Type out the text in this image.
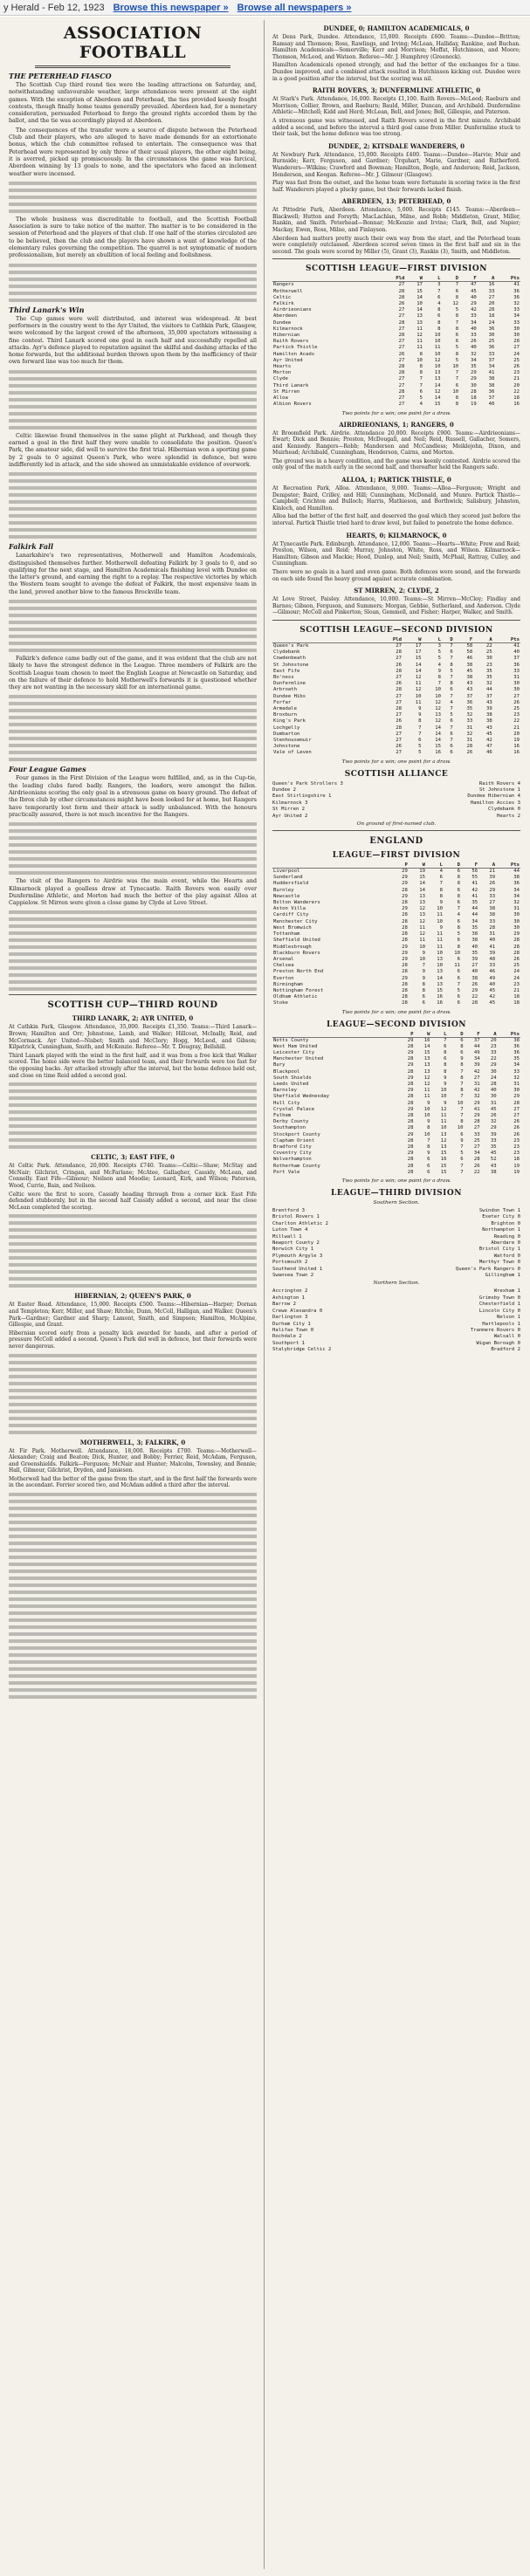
y Herald - Feb 12, 1923 Browse this newspaper » Browse all newspapers »
ASSOCIATION FOOTBALL
THE PETERHEAD FIASCO

The Scottish Cup third round ties were the leading attractions on Saturday, and, notwithstanding unfavourable weather, large attendances were present at the eight games. With the exception of Aberdeen and Peterhead, the ties provided keenly fought contests, though finally home teams generally prevailed. Aberdeen had, for a monetary consideration, persuaded Peterhead to forgo the ground rights accorded them by the ballot, and the tie was accordingly played at Aberdeen.

The consequences of the transfer were a source of dispute between the Peterhead Club and their players, who are alleged to have made demands for an extortionate bonus, which the club committee refused to entertain. The consequence was that Peterhead were represented by only three of their usual players, the other eight being, it is averred, picked up promiscuously. In the circumstances the game was farcical, Aberdeen winning by 13 goals to none, and the spectators who faced an inclement weather were incensed.

The whole business was discreditable to football, and the Scottish Football Association is sure to take notice of the matter. The matter is to be considered in the session of Peterhead and the players of that club. If one half of the stories circulated are to be believed, then the club and the players have shown a want of knowledge of the elementary rules governing the competition. The quarrel is not symptomatic of modern professionalism, but merely an ebullition of local feeling and foolishness.

Third Lanark's Win

The Cup games were well distributed, and interest was widespread. At best performers in the country went to the Ayr United, the visitors to Cathkin Park, Glasgow, were welcomed by the largest crowd of the afternoon, 35,000 spectators witnessing a fine contest. Third Lanark scored one goal in each half and successfully repelled all attacks. Ayr's defence played to reputation against the skilful and dashing attacks of the home forwards, but the additional burden thrown upon them by the inefficiency of their own forward line was too much for them.

Celtic likewise found themselves in the same plight at Parkhead, and though they earned a goal in the first half they were unable to consolidate the position. Queen's Park, the amateur side, did well to survive the first trial. Hibernian won a sporting game by 2 goals to 0 against Queen's Park, who were splendid in defence, but were indifferently led in attack, and the side showed an unmistakable evidence of overwork.

Falkirk Fall

Lanarkshire's two representatives, Motherwell and Hamilton Academicals, distinguished themselves further. Motherwell defeating Falkirk by 3 goals to 0, and so qualifying for the next stage, and Hamilton Academicals finishing level with Dundee on the latter's ground, and earning the right to a replay. The respective victories by which the Western team sought to avenge the defeat of Falkirk, the most expensive team in the land, proved another blow to the famous Brockville team.

Falkirk's defence came badly out of the game, and it was evident that the club are not likely to have the strongest defence in the League. Three members of Falkirk are the Scottish League team chosen to meet the English League at Newcastle on Saturday, and on the failure of their defence to hold Motherwell's forwards it is questioned whether they are not wanting in the necessary skill for an international game.

Four League Games

Four games in the First Division of the League were fulfilled, and, as in the Cup-tie, the leading clubs fared badly. Rangers, the leaders, were amongst the fallen. Airdrieonians scoring the only goal in a strenuous game on heavy ground. The defeat of the Ibrox club by other circumstances might have been looked for at home, but Rangers have temporarily lost form and their attack is sadly unbalanced. With the honours practically assured, there is not much incentive for the Rangers.

The visit of the Rangers to Airdrie was the main event, while the Hearts and Kilmarnock played a goalless draw at Tynecastle. Raith Rovers won easily over Dunfermline Athletic, and Morton had much the better of the play against Alloa at Cappielow. St Mirren were given a close game by Clyde at Love Street.

SCOTTISH CUP—THIRD ROUND
THIRD LANARK, 2; AYR UNITED, 0

At Cathkin Park, Glasgow. Attendance, 35,000. Receipts £1,350. Teams:—Third Lanark—Brown; Hamilton and Orr; Johnstone, Lamb, and Walker; Hillcoat, McInally, Reid, and McCormack. Ayr United—Nisbet; Smith and McClory; Hogg, McLeod, and Gibson; Kilpatrick, Cunningham, Smith, and McKenzie. Referee—Mr. T. Dougray, Bellshill.

Third Lanark played with the wind in the first half, and it was from a free kick that Walker scored. The home side were the better balanced team, and their forwards were too fast for the opposing backs. Ayr attacked strongly after the interval, but the home defence held out, and close on time Reid added a second goal.

CELTIC, 3; EAST FIFE, 0

At Celtic Park. Attendance, 20,000. Receipts £740. Teams:—Celtic—Shaw; McStay and McNair; Gilchrist, Cringan, and McFarlane; McAtee, Gallagher, Cassidy, McLean, and Connolly. East Fife—Gilmour; Neilson and Moodie; Leonard, Kirk, and Wilson; Paterson, Wood, Currie, Bain, and Neilson.

Celtic were the first to score, Cassidy heading through from a corner kick. East Fife defended stubbornly, but in the second half Cassidy added a second, and near the close McLean completed the scoring.

HIBERNIAN, 2; QUEEN'S PARK, 0

At Easter Road. Attendance, 15,000. Receipts £500. Teams:—Hibernian—Harper; Dornan and Templeton; Kerr, Miller, and Shaw; Ritchie, Dunn, McColl, Halligan, and Walker. Queen's Park—Gardner; Gardner and Sharp; Lamont, Smith, and Simpson; Hamilton, McAlpine, Gillespie, and Grant.

Hibernian scored early from a penalty kick awarded for hands, and after a period of pressure McColl added a second. Queen's Park did well in defence, but their forwards were never dangerous.

MOTHERWELL, 3; FALKIRK, 0

At Fir Park. Motherwell. Attendance, 18,000. Receipts £700. Teams:—Motherwell—Alexander; Craig and Beaton; Dick, Hunter, and Bobby; Ferrier, Reid, McAdam, Ferguson, and Greenshields. Falkirk—Ferguson; McNair and Hunter; Malcolm, Townsley, and Bennie; Hall, Gilmour, Gilchrist, Dryden, and Jamieson.

Motherwell had the better of the game from the start, and in the first half the forwards were in the ascendant. Ferrier scored two, and McAdam added a third after the interval.

DUNDEE, 0; HAMILTON ACADEMICALS, 0

At Dens Park, Dundee. Attendance, 15,000. Receipts £600. Teams:—Dundee—Britton; Ramsay and Thomson; Ross, Rawlings, and Irving; McLean, Halliday, Rankine, and Buchan. Hamilton Academicals—Somerville; Kerr and Morrison; Moffat, Hutchinson, and Moore; Thomson, McLeod, and Watson. Referee—Mr. J. Humphrey (Greenock).

Hamilton Academicals opened strongly, and had the better of the exchanges for a time. Dundee improved, and a combined attack resulted in Hutchinson kicking out. Dundee were in a good position after the interval, but the scoring was nil.

RAITH ROVERS, 3; DUNFERMLINE ATHLETIC, 0

At Stark's Park. Attendance, 16,000. Receipts £1,100. Raith Rovers—McLeod; Raeburn and Morrison; Collier, Brown, and Raeburn; Bauld, Miller, Duncan, and Archibald. Dunfermline Athletic—Mitchell; Kidd and Herd; McLean, Bell, and Jones; Bell, Gillespie, and Paterson.

A strenuous game was witnessed, and Raith Rovers scored in the first minute. Archibald added a second, and before the interval a third goal came from Miller. Dunfermline stuck to their task, but the home defence was too strong.

DUNDEE, 2; KITSDALE WANDERERS, 0

At Newbury Park. Attendance, 15,000. Receipts £400. Teams:—Dundee—Harvie; Muir and Burnside; Kerr, Ferguson, and Gardner; Urquhart, Marie, Gardner, and Rutherford. Wanderers—Wilkins; Crawford and Bowman; Hamilton, Bogle, and Anderson; Reid, Jackson, Henderson, and Keegan. Referee—Mr. J. Gilmour (Glasgow).

Play was fast from the outset, and the home team were fortunate in scoring twice in the first half. Wanderers played a plucky game, but their forwards lacked finish.

ABERDEEN, 13; PETERHEAD, 0

At Pittodrie Park, Aberdeen. Attendance, 5,000. Receipts £145. Teams:—Aberdeen—Blackwell; Hutton and Forsyth; MacLachlan, Milne, and Robb; Middleton, Grant, Miller, Rankin, and Smith. Peterhead—Bonnar; McKenzie and Irvine; Clark, Bell, and Napier; Mackay, Ewen, Ross, Milne, and Finlayson.

Aberdeen had matters pretty much their own way from the start, and the Peterhead team were completely outclassed. Aberdeen scored seven times in the first half and six in the second. The goals were scored by Miller (5), Grant (3), Rankin (3), Smith, and Middleton.

SCOTTISH LEAGUE—FIRST DIVISION
	Pld	W	L	D	F	A	Pts
Rangers	27	17	3	7	47	16	41
Motherwell	28	15	7	6	45	33	36
Celtic	28	14	6	8	40	27	36
Falkirk	26	10	4	12	29	20	32
Airdrieonians	27	14	8	5	42	28	33
Aberdeen	27	13	6	8	33	18	34
Dundee	28	13	8	7	34	24	33
Kilmarnock	27	11	8	8	40	36	30
Hibernian	28	12	10	6	33	30	30
Raith Rovers	27	11	10	6	26	25	28
Partick Thistle	27	11	11	5	40	36	27
Hamilton Acads	26	8	10	8	32	33	24
Ayr United	27	10	12	5	34	37	25
Hearts	28	8	10	10	35	34	26
Morton	28	8	13	7	29	41	23
Clyde	27	7	13	7	29	38	21
Third Lanark	27	7	14	6	30	38	20
St Mirren	28	6	12	10	28	36	22
Alloa	27	5	14	8	18	37	18
Albion Rovers	27	4	15	8	19	40	16
Two points for a win; one point for a draw.
AIRDRIEONIANS, 1; RANGERS, 0

At Broomfield Park. Airdrie. Attendance 20,000. Receipts £900. Teams:—Airdrieonians—Ewart; Dick and Bennie; Preston, McDougall, and Neil; Reid, Russell, Gallacher, Somers, and Kennedy. Rangers—Robb; Manderson and McCandless; Meiklejohn, Dixon, and Muirhead; Archibald, Cunningham, Henderson, Cairns, and Morton.

The ground was in a heavy condition, and the game was keenly contested. Airdrie scored the only goal of the match early in the second half, and thereafter held the Rangers safe.

ALLOA, 1; PARTICK THISTLE, 0

At Recreation Park, Alloa. Attendance, 9,000. Teams:—Alloa—Ferguson; Wright and Dempster; Baird, Crilley, and Hill; Cunningham, McDonald, and Munro. Partick Thistle—Campbell; Crichton and Bulloch; Harris, Mathieson, and Borthwick; Salisbury, Johnston, Kinloch, and Hamilton.

Alloa had the better of the first half, and deserved the goal which they scored just before the interval. Partick Thistle tried hard to draw level, but failed to penetrate the home defence.

HEARTS, 0; KILMARNOCK, 0

At Tynecastle Park. Edinburgh. Attendance, 12,000. Teams:—Hearts—White; Frew and Reid; Preston, Wilson, and Reid; Murray, Johnston, White, Ross, and Wilson. Kilmarnock—Hamilton; Gibson and Mackie; Hood, Dunlop, and Neil; Smith, McPhail, Rattray, Culley, and Cunningham.

There were no goals in a hard and even game. Both defences were sound, and the forwards on each side found the heavy ground against accurate combination.

ST MIRREN, 2; CLYDE, 2

At Love Street, Paisley. Attendance, 10,000. Teams:—St Mirren—McCloy; Findlay and Barnes; Gibson, Ferguson, and Summers; Morgan, Gebbie, Sutherland, and Anderson. Clyde—Gilmour; McColl and Pinkerton; Sloan, Gemmell, and Fisher; Harper, Walker, and Smith.

SCOTTISH LEAGUE—SECOND DIVISION
	Pld	W	L	D	F	A	Pts
Queen's Park	27	17	3	7	58	22	41
Clydebank	28	17	5	6	58	25	40
Cowdenbeath	27	15	5	7	46	30	37
St Johnstone	26	14	4	8	38	23	36
East Fife	28	14	9	5	45	35	33
Bo'ness	27	12	8	7	38	35	31
Dunfermline	26	11	7	8	43	32	30
Arbroath	28	12	10	6	43	44	30
Dundee Hibs	27	10	10	7	37	37	27
Forfar	27	11	12	4	36	43	26
Armadale	28	9	12	7	35	39	25
Broxburn	27	9	13	5	32	38	23
King's Park	26	8	12	6	33	38	22
Lochgelly	28	7	14	7	31	43	21
Dumbarton	27	7	14	6	32	45	20
Stenhousemuir	27	6	14	7	31	42	19
Johnstone	26	5	15	6	28	47	16
Vale of Leven	27	5	16	6	26	46	16
Two points for a win; one point for a draw.
SCOTTISH ALLIANCE
Queen's Park Strollers 3	Raith Rovers 4
Dundee 2	St Johnstone 1
East Stirlingshire 1	Dundee Hibernian 4
Kilmarnock 3	Hamilton Accies 3
St Mirren 2	Clydebank 0
Ayr United 2	Hearts 2
On ground of first-named club.
ENGLAND
LEAGUE—FIRST DIVISION
	P	W	L	D	F	A	Pts
Liverpool	29	19	4	6	56	21	44
Sunderland	29	15	6	8	55	39	38
Huddersfield	29	14	7	8	41	26	36
Burnley	28	14	8	6	42	29	34
Newcastle	29	13	8	8	41	33	34
Bolton Wanderers	28	13	9	6	35	27	32
Aston Villa	29	12	10	7	44	38	31
Cardiff City	28	13	11	4	44	38	30
Manchester City	28	12	10	6	34	33	30
West Bromwich	28	11	9	8	35	28	30
Tottenham	28	12	11	5	38	31	29
Sheffield United	28	11	11	6	38	40	28
Middlesbrough	29	10	11	8	40	41	28
Blackburn Rovers	29	9	10	10	35	39	28
Arsenal	29	10	13	6	39	48	26
Chelsea	28	7	10	11	27	33	25
Preston North End	28	9	13	6	40	46	24
Everton	29	9	14	6	38	49	24
Birmingham	28	8	13	7	26	40	23
Nottingham Forest	28	8	15	5	29	45	21
Oldham Athletic	28	6	16	6	22	42	18
Stoke	28	6	16	6	28	45	18
Two points for a win; one point for a draw.
LEAGUE—SECOND DIVISION
	P	W	L	D	F	A	Pts
Notts County	29	16	7	6	37	20	38
West Ham United	28	14	6	8	44	23	36
Leicester City	29	15	8	6	49	33	36
Manchester United	28	13	6	9	34	22	35
Bury	29	13	8	8	39	29	34
Blackpool	28	13	8	7	42	30	33
South Shields	29	12	9	8	27	24	32
Leeds United	28	12	9	7	31	28	31
Barnsley	29	11	10	8	42	40	30
Sheffield Wednesday	28	11	10	7	32	30	29
Hull City	28	9	9	10	29	31	28
Crystal Palace	29	10	12	7	41	45	27
Fulham	28	10	11	7	29	26	27
Derby County	28	9	11	8	28	32	26
Southampton	28	8	10	10	27	29	26
Stockport County	29	10	13	6	33	39	26
Clapham Orient	28	7	12	9	25	33	23
Bradford City	28	8	13	7	27	35	23
Coventry City	29	9	15	5	34	45	23
Wolverhampton	28	6	16	6	28	52	18
Rotherham County	28	6	15	7	26	43	19
Port Vale	28	6	15	7	22	38	19
Two points for a win; one point for a draw.
LEAGUE—THIRD DIVISION
Southern Section.
Brentford 3	Swindon Town 1
Bristol Rovers 1	Exeter City 0
Charlton Athletic 2	Brighton 0
Luton Town 4	Northampton 1
Millwall 1	Reading 0
Newport County 2	Aberdare 0
Norwich City 1	Bristol City 1
Plymouth Argyle 3	Watford 0
Portsmouth 2	Merthyr Town 0
Southend United 1	Queen's Park Rangers 0
Swansea Town 2	Gillingham 1
Northern Section.
Accrington 2	Wrexham 1
Ashington 1	Grimsby Town 0
Barrow 2	Chesterfield 1
Crewe Alexandra 0	Lincoln City 0
Darlington 3	Nelson 1
Durham City 1	Hartlepools 1
Halifax Town 0	Tranmere Rovers 0
Rochdale 2	Walsall 0
Southport 1	Wigan Borough 0
Stalybridge Celtic 2	Bradford 2
